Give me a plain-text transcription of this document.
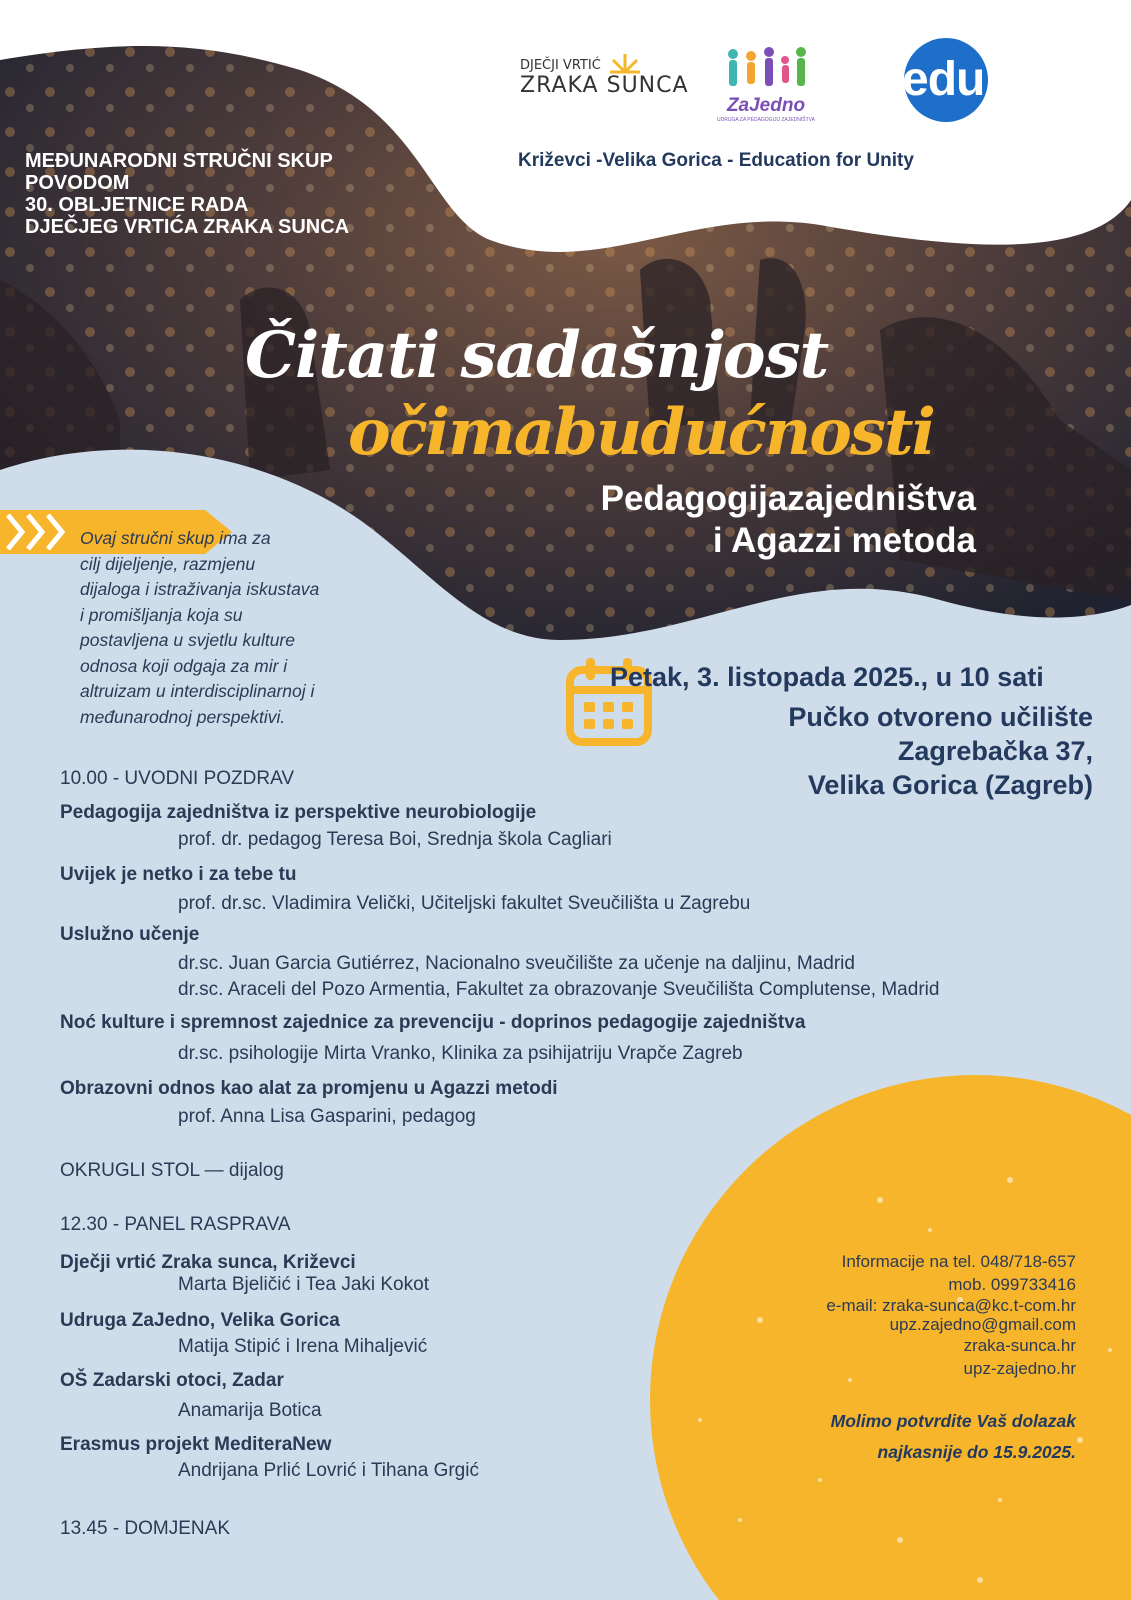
DJEČJI VRTIĆ
ZRAKA SUNCA
ZaJedno
UDRUGA ZA PEDAGOGIJU ZAJEDNIŠTVA
edu
Križevci -Velika Gorica - Education for Unity
MEĐUNARODNI STRUČNI SKUP
POVODOM
30. OBLJETNICE RADA
DJEČJEG VRTIĆA ZRAKA SUNCA
Čitati sadašnjost
očimabudućnosti
Pedagogijazajedništva
i Agazzi metoda
Ovaj stručni skup ima za
cilj dijeljenje, razmjenu
dijaloga i istraživanja iskustava
i promišljanja koja su
postavljena u svjetlu kulture
odnosa koji odgaja za mir i
altruizam u interdisciplinarnoj i
međunarodnoj perspektivi.
Petak, 3. listopada 2025., u 10 sati
Pučko otvoreno učilište
Zagrebačka 37,
Velika Gorica (Zagreb)
10.00 - UVODNI POZDRAV
Pedagogija zajedništva iz perspektive neurobiologije
prof. dr. pedagog Teresa Boi, Srednja škola Cagliari
Uvijek je netko i za tebe tu
prof. dr.sc. Vladimira Velički, Učiteljski fakultet Sveučilišta u Zagrebu
Uslužno učenje
dr.sc. Juan Garcia Gutiérrez, Nacionalno sveučilište za učenje na daljinu, Madrid
dr.sc. Araceli del Pozo Armentia, Fakultet za obrazovanje Sveučilišta Complutense, Madrid
Noć kulture i spremnost zajednice za prevenciju - doprinos pedagogije zajedništva
dr.sc. psihologije Mirta Vranko, Klinika za psihijatriju Vrapče Zagreb
Obrazovni odnos kao alat za promjenu u Agazzi metodi
prof. Anna Lisa Gasparini, pedagog
OKRUGLI STOL — dijalog
12.30 - PANEL RASPRAVA
Dječji vrtić Zraka sunca, Križevci
Marta Bjeličić i Tea Jaki Kokot
Udruga ZaJedno, Velika Gorica
Matija Stipić i Irena Mihaljević
OŠ Zadarski otoci, Zadar
Anamarija Botica
Erasmus projekt MediteraNew
Andrijana Prlić Lovrić i Tihana Grgić
13.45 - DOMJENAK
Informacije na tel. 048/718-657
mob. 099733416
e-mail: zraka-sunca@kc.t-com.hr
upz.zajedno@gmail.com
zraka-sunca.hr
upz-zajedno.hr
Molimo potvrdite Vaš dolazak
najkasnije do 15.9.2025.
